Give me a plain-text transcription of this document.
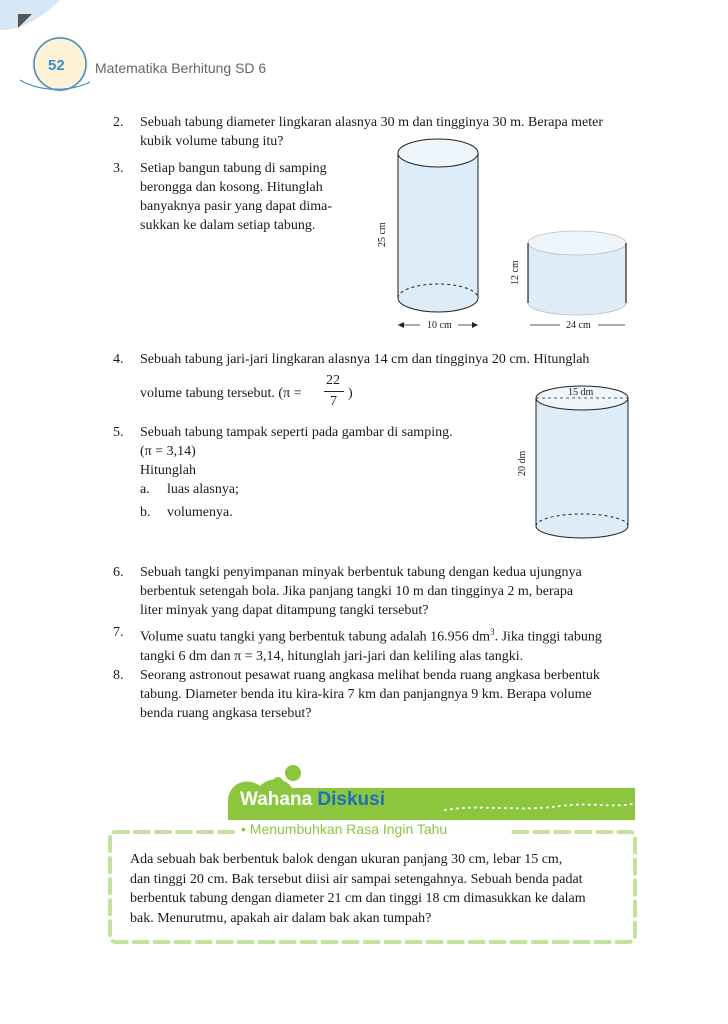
52 Matematika Berhitung SD 6
2.	Sebuah tabung diameter lingkaran alasnya 30 m dan tingginya 30 m. Berapa meter
kubik volume tabung itu?
3.	Setiap bangun tabung di samping
berongga dan kosong. Hitunglah
banyaknya pasir yang dapat dima-
sukkan ke dalam setiap tabung.	25 cm
10 cm
12 cm
24 cm
4.	Sebuah tabung jari-jari lingkaran alasnya 14 cm dan tingginya 20 cm. Hitunglah
volume tabung tersebut. (π =
22
7
)
5.	Sebuah tabung tampak seperti pada gambar di samping.
(π = 3,14)
Hitunglah
a. luas alasnya;
b. volumenya.
15 dm
20 dm
6.	Sebuah tangki penyimpanan minyak berbentuk tabung dengan kedua ujungnya
berbentuk setengah bola. Jika panjang tangki 10 m dan tingginya 2 m, berapa
liter minyak yang dapat ditampung tangki tersebut?
7.	Volume suatu tangki yang berbentuk tabung adalah 16.956 $dm^3$. Jika tinggi tabung
tangki 6 dm dan π = 3,14, hitunglah jari-jari dan keliling alas tangki.
8.	Seorang astronout pesawat ruang angkasa melihat benda ruang angkasa berbentuk
tabung. Diameter benda itu kira-kira 7 km dan panjangnya 9 km. Berapa volume
benda ruang angkasa tersebut?
Wahana Diskusi
• Menumbuhkan Rasa Ingin Tahu
Ada sebuah bak berbentuk balok dengan ukuran panjang 30 cm, lebar 15 cm,
dan tinggi 20 cm. Bak tersebut diisi air sampai setengahnya. Sebuah benda padat
berbentuk tabung dengan diameter 21 cm dan tinggi 18 cm dimasukkan ke dalam
bak. Menurutmu, apakah air dalam bak akan tumpah?
